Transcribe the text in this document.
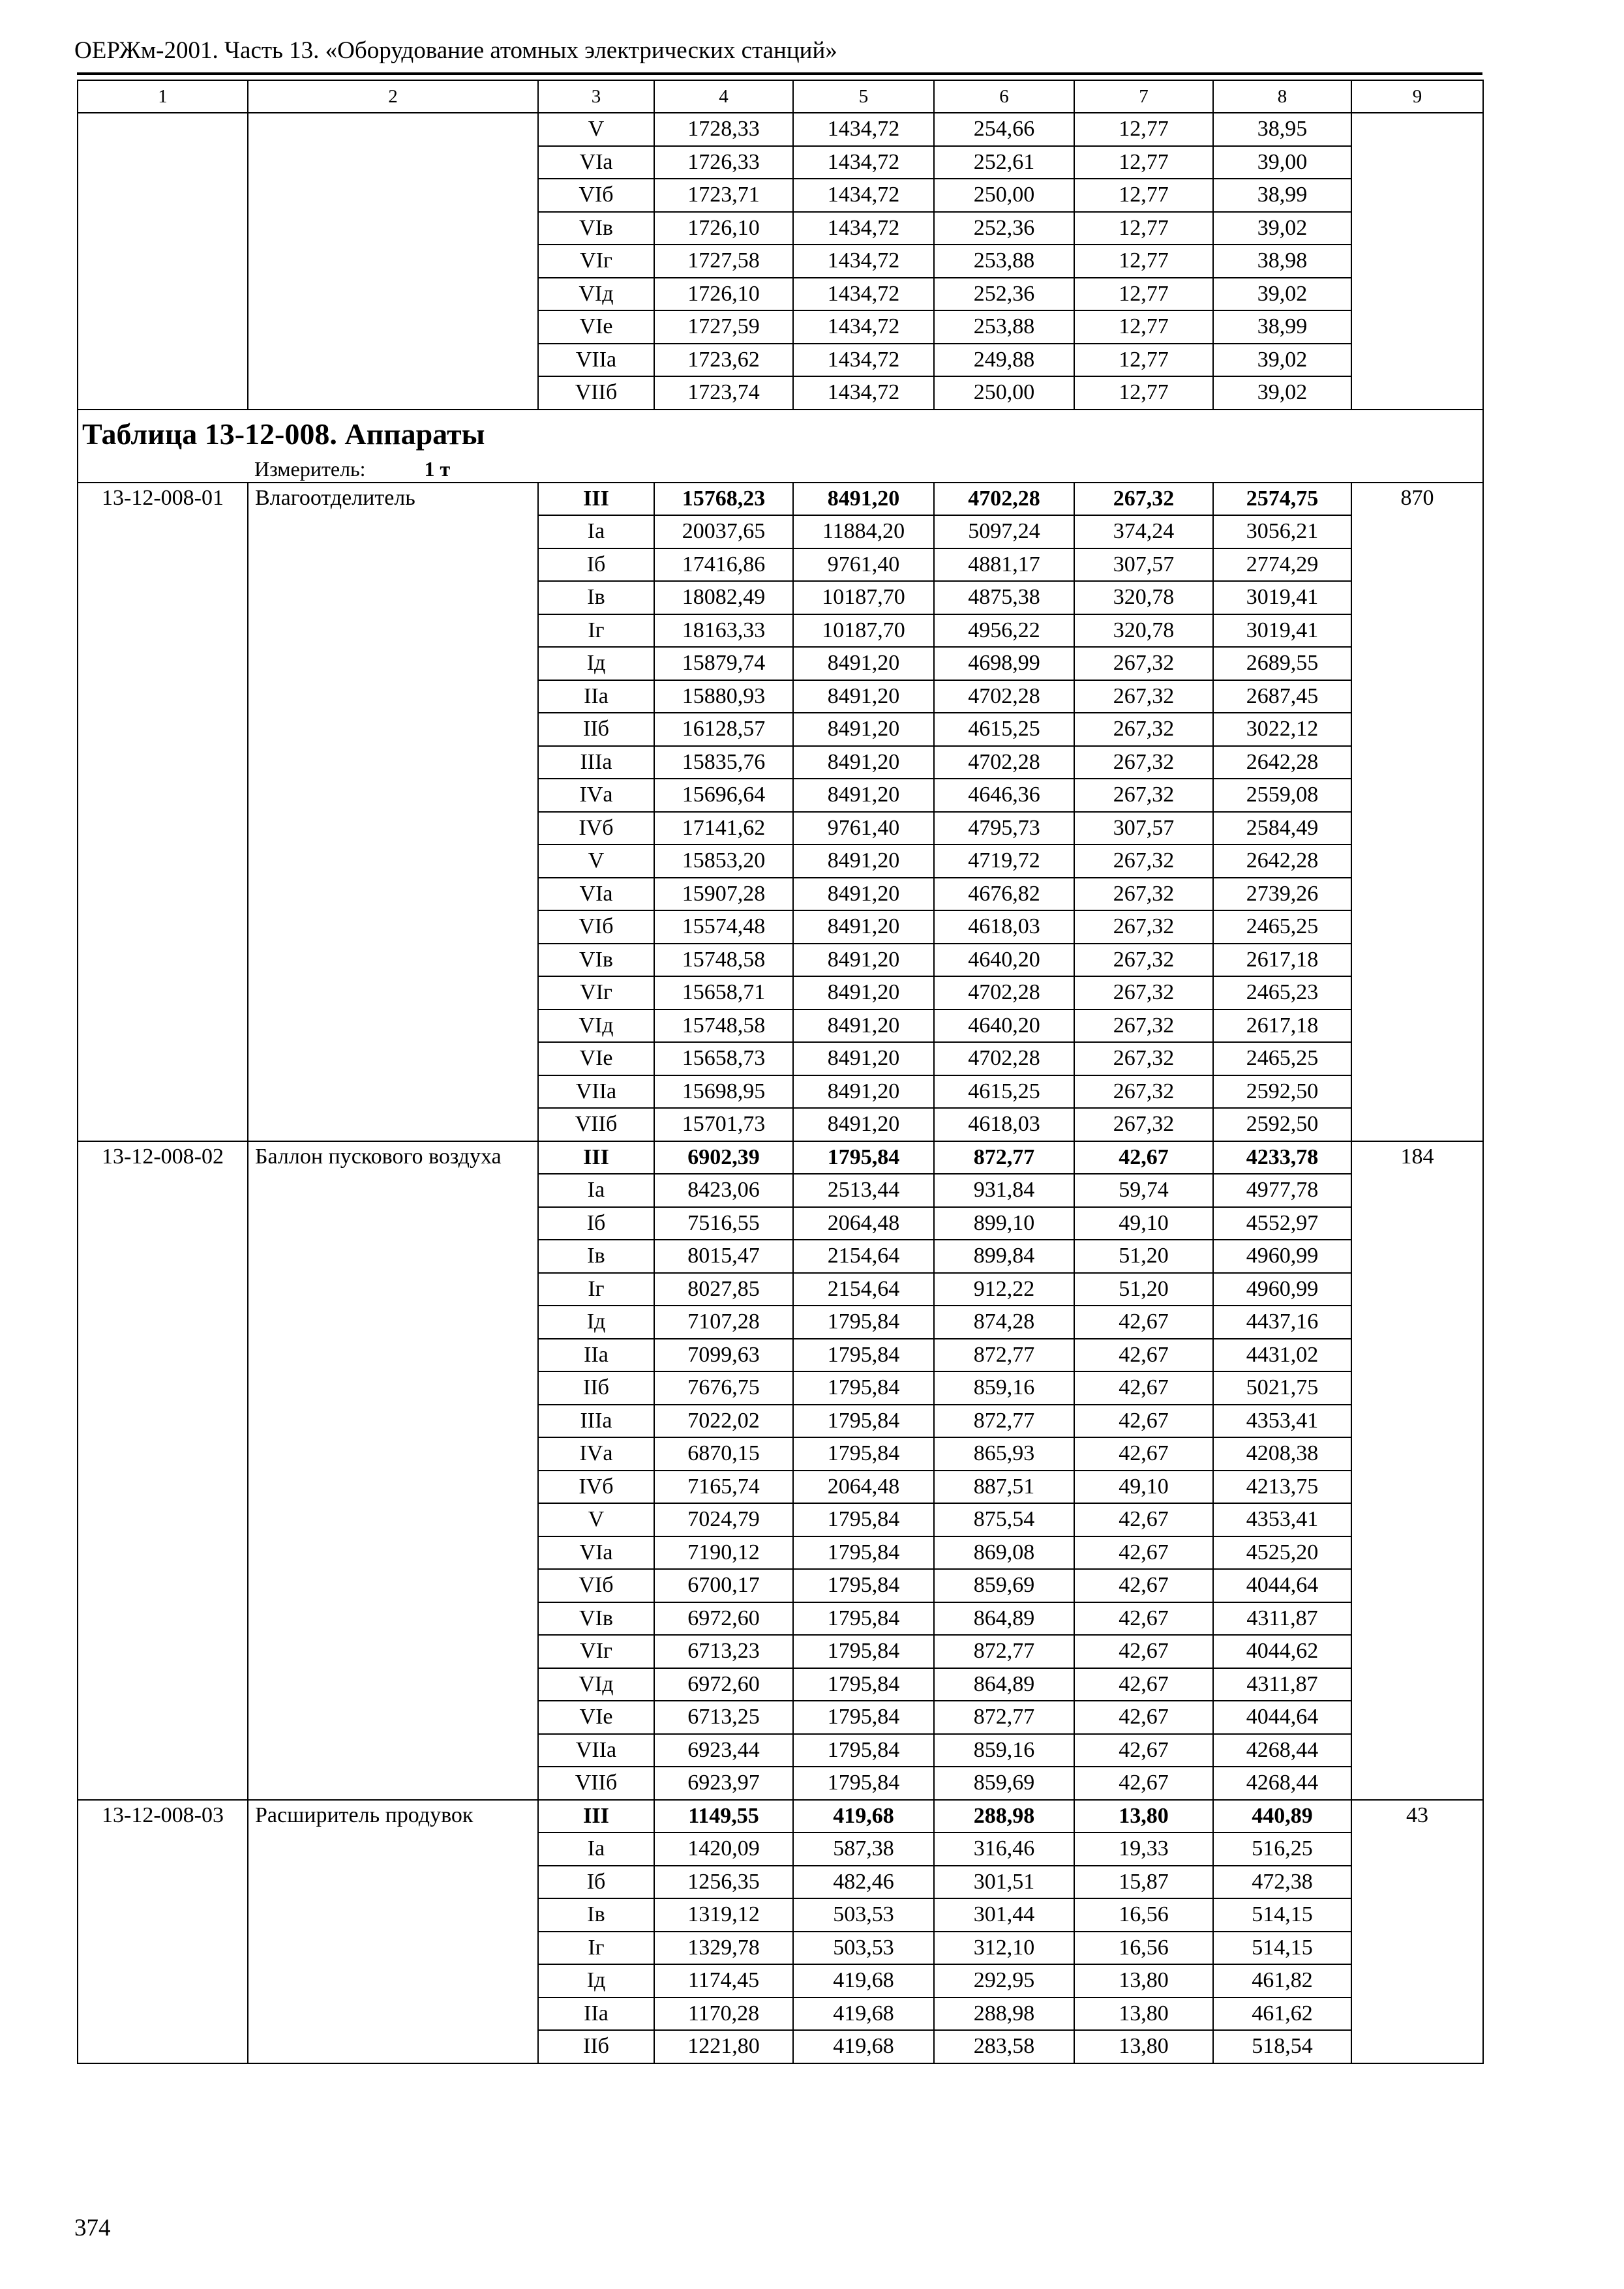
ОЕРЖм-2001. Часть 13. «Оборудование атомных электрических станций»
1	2	3	4	5	6	7	8	9
		V	1728,33	1434,72	254,66	12,77	38,95	
		VIа	1726,33	1434,72	252,61	12,77	39,00	
		VIб	1723,71	1434,72	250,00	12,77	38,99	
		VIв	1726,10	1434,72	252,36	12,77	39,02	
		VIг	1727,58	1434,72	253,88	12,77	38,98	
		VIд	1726,10	1434,72	252,36	12,77	39,02	
		VIе	1727,59	1434,72	253,88	12,77	38,99	
		VIIа	1723,62	1434,72	249,88	12,77	39,02	
		VIIб	1723,74	1434,72	250,00	12,77	39,02	
Таблица 13-12-008. Аппараты								
Измеритель: 1 т								
13-12-008-01	Влагоотделитель	III	15768,23	8491,20	4702,28	267,32	2574,75	870
		Iа	20037,65	11884,20	5097,24	374,24	3056,21	
		Iб	17416,86	9761,40	4881,17	307,57	2774,29	
		Iв	18082,49	10187,70	4875,38	320,78	3019,41	
		Iг	18163,33	10187,70	4956,22	320,78	3019,41	
		Iд	15879,74	8491,20	4698,99	267,32	2689,55	
		IIа	15880,93	8491,20	4702,28	267,32	2687,45	
		IIб	16128,57	8491,20	4615,25	267,32	3022,12	
		IIIа	15835,76	8491,20	4702,28	267,32	2642,28	
		IVа	15696,64	8491,20	4646,36	267,32	2559,08	
		IVб	17141,62	9761,40	4795,73	307,57	2584,49	
		V	15853,20	8491,20	4719,72	267,32	2642,28	
		VIа	15907,28	8491,20	4676,82	267,32	2739,26	
		VIб	15574,48	8491,20	4618,03	267,32	2465,25	
		VIв	15748,58	8491,20	4640,20	267,32	2617,18	
		VIг	15658,71	8491,20	4702,28	267,32	2465,23	
		VIд	15748,58	8491,20	4640,20	267,32	2617,18	
		VIе	15658,73	8491,20	4702,28	267,32	2465,25	
		VIIа	15698,95	8491,20	4615,25	267,32	2592,50	
		VIIб	15701,73	8491,20	4618,03	267,32	2592,50	
13-12-008-02	Баллон пускового воздуха	III	6902,39	1795,84	872,77	42,67	4233,78	184
		Iа	8423,06	2513,44	931,84	59,74	4977,78	
		Iб	7516,55	2064,48	899,10	49,10	4552,97	
		Iв	8015,47	2154,64	899,84	51,20	4960,99	
		Iг	8027,85	2154,64	912,22	51,20	4960,99	
		Iд	7107,28	1795,84	874,28	42,67	4437,16	
		IIа	7099,63	1795,84	872,77	42,67	4431,02	
		IIб	7676,75	1795,84	859,16	42,67	5021,75	
		IIIа	7022,02	1795,84	872,77	42,67	4353,41	
		IVа	6870,15	1795,84	865,93	42,67	4208,38	
		IVб	7165,74	2064,48	887,51	49,10	4213,75	
		V	7024,79	1795,84	875,54	42,67	4353,41	
		VIа	7190,12	1795,84	869,08	42,67	4525,20	
		VIб	6700,17	1795,84	859,69	42,67	4044,64	
		VIв	6972,60	1795,84	864,89	42,67	4311,87	
		VIг	6713,23	1795,84	872,77	42,67	4044,62	
		VIд	6972,60	1795,84	864,89	42,67	4311,87	
		VIе	6713,25	1795,84	872,77	42,67	4044,64	
		VIIа	6923,44	1795,84	859,16	42,67	4268,44	
		VIIб	6923,97	1795,84	859,69	42,67	4268,44	
13-12-008-03	Расширитель продувок	III	1149,55	419,68	288,98	13,80	440,89	43
		Iа	1420,09	587,38	316,46	19,33	516,25	
		Iб	1256,35	482,46	301,51	15,87	472,38	
		Iв	1319,12	503,53	301,44	16,56	514,15	
		Iг	1329,78	503,53	312,10	16,56	514,15	
		Iд	1174,45	419,68	292,95	13,80	461,82	
		IIа	1170,28	419,68	288,98	13,80	461,62	
		IIб	1221,80	419,68	283,58	13,80	518,54	
374
